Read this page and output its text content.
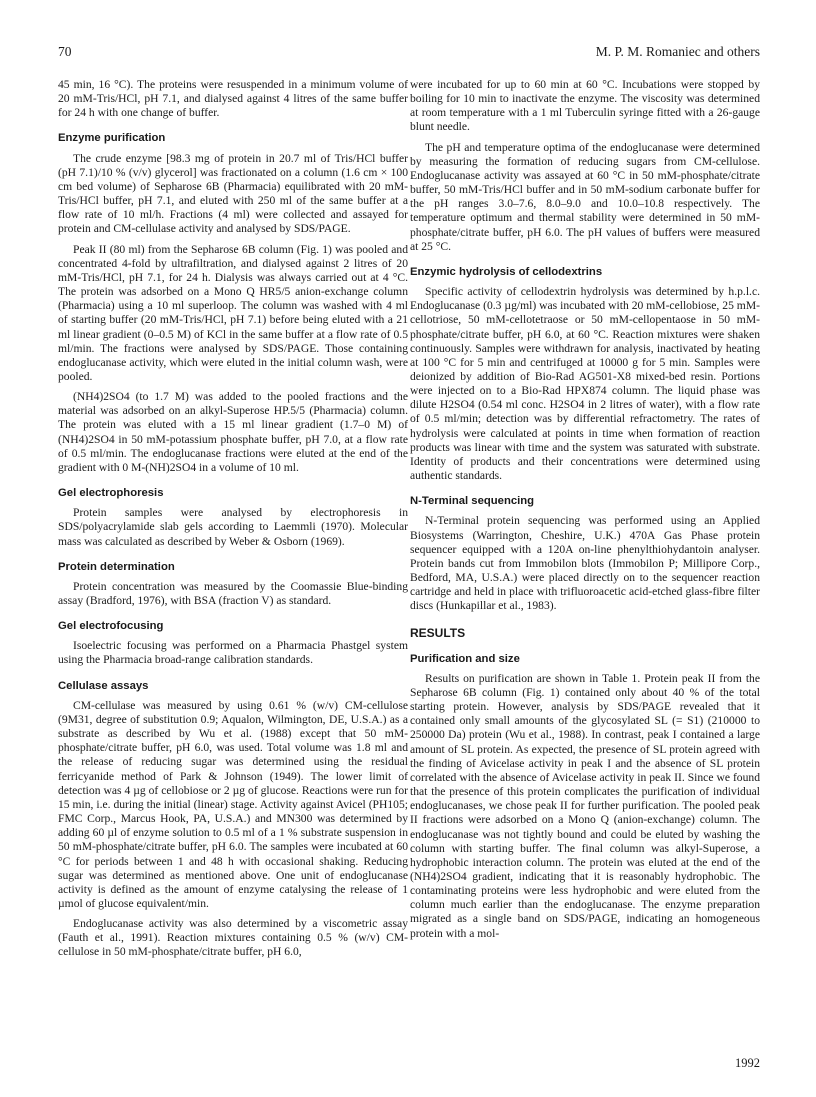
70	M. P. M. Romaniec and others

45 min, 16 °C). The proteins were resuspended in a minimum volume of 20 mM-Tris/HCl, pH 7.1, and dialysed against 4 litres of the same buffer for 24 h with one change of buffer.

Enzyme purification

The crude enzyme [98.3 mg of protein in 20.7 ml of Tris/HCl buffer (pH 7.1)/10 % (v/v) glycerol] was fractionated on a column (1.6 cm × 100 cm bed volume) of Sepharose 6B (Pharmacia) equilibrated with 20 mM-Tris/HCl buffer, pH 7.1, and eluted with 250 ml of the same buffer at a flow rate of 10 ml/h. Fractions (4 ml) were collected and assayed for protein and CM-cellulase activity and analysed by SDS/PAGE.

Peak II (80 ml) from the Sepharose 6B column (Fig. 1) was pooled and concentrated 4-fold by ultrafiltration, and dialysed against 2 litres of 20 mM-Tris/HCl, pH 7.1, for 24 h. Dialysis was always carried out at 4 °C. The protein was adsorbed on a Mono Q HR5/5 anion-exchange column (Pharmacia) using a 10 ml superloop. The column was washed with 4 ml of starting buffer (20 mM-Tris/HCl, pH 7.1) before being eluted with a 21 ml linear gradient (0–0.5 M) of KCl in the same buffer at a flow rate of 0.5 ml/min. The fractions were analysed by SDS/PAGE. Those containing endoglucanase activity, which were eluted in the initial column wash, were pooled.

(NH4)2SO4 (to 1.7 M) was added to the pooled fractions and the material was adsorbed on an alkyl-Superose HP.5/5 (Pharmacia) column. The protein was eluted with a 15 ml linear gradient (1.7–0 M) of (NH4)2SO4 in 50 mM-potassium phosphate buffer, pH 7.0, at a flow rate of 0.5 ml/min. The endoglucanase fractions were eluted at the end of the gradient with 0 M-(NH)2SO4 in a volume of 10 ml.

Gel electrophoresis

Protein samples were analysed by electrophoresis in SDS/polyacrylamide slab gels according to Laemmli (1970). Molecular mass was calculated as described by Weber & Osborn (1969).

Protein determination

Protein concentration was measured by the Coomassie Blue-binding assay (Bradford, 1976), with BSA (fraction V) as standard.

Gel electrofocusing

Isoelectric focusing was performed on a Pharmacia Phastgel system using the Pharmacia broad-range calibration standards.

Cellulase assays

CM-cellulase was measured by using 0.61 % (w/v) CM-cellulose (9M31, degree of substitution 0.9; Aqualon, Wilmington, DE, U.S.A.) as a substrate as described by Wu et al. (1988) except that 50 mM-phosphate/citrate buffer, pH 6.0, was used. Total volume was 1.8 ml and the release of reducing sugar was determined using the residual ferricyanide method of Park & Johnson (1949). The lower limit of detection was 4 µg of cellobiose or 2 µg of glucose. Reactions were run for 15 min, i.e. during the initial (linear) stage. Activity against Avicel (PH105; FMC Corp., Marcus Hook, PA, U.S.A.) and MN300 was determined by adding 60 µl of enzyme solution to 0.5 ml of a 1 % substrate suspension in 50 mM-phosphate/citrate buffer, pH 6.0. The samples were incubated at 60 °C for periods between 1 and 48 h with occasional shaking. Reducing sugar was determined as mentioned above. One unit of endoglucanase activity is defined as the amount of enzyme catalysing the release of 1 µmol of glucose equivalent/min.

Endoglucanase activity was also determined by a viscometric assay (Fauth et al., 1991). Reaction mixtures containing 0.5 % (w/v) CM-cellulose in 50 mM-phosphate/citrate buffer, pH 6.0,

were incubated for up to 60 min at 60 °C. Incubations were stopped by boiling for 10 min to inactivate the enzyme. The viscosity was determined at room temperature with a 1 ml Tuberculin syringe fitted with a 26-gauge blunt needle.

The pH and temperature optima of the endoglucanase were determined by measuring the formation of reducing sugars from CM-cellulose. Endoglucanase activity was assayed at 60 °C in 50 mM-phosphate/citrate buffer, 50 mM-Tris/HCl buffer and in 50 mM-sodium carbonate buffer for the pH ranges 3.0–7.6, 8.0–9.0 and 10.0–10.8 respectively. The temperature optimum and thermal stability were determined in 50 mM-phosphate/citrate buffer, pH 6.0. The pH values of buffers were measured at 25 °C.

Enzymic hydrolysis of cellodextrins

Specific activity of cellodextrin hydrolysis was determined by h.p.l.c. Endoglucanase (0.3 µg/ml) was incubated with 20 mM-cellobiose, 25 mM-cellotriose, 50 mM-cellotetraose or 50 mM-cellopentaose in 50 mM-phosphate/citrate buffer, pH 6.0, at 60 °C. Reaction mixtures were shaken continuously. Samples were withdrawn for analysis, inactivated by heating at 100 °C for 5 min and centrifuged at 10000 g for 5 min. Samples were deionized by addition of Bio-Rad AG501-X8 mixed-bed resin. Portions were injected on to a Bio-Rad HPX874 column. The liquid phase was dilute H2SO4 (0.54 ml conc. H2SO4 in 2 litres of water), with a flow rate of 0.5 ml/min; detection was by differential refractometry. The rates of hydrolysis were calculated at points in time when formation of reaction products was linear with time and the system was saturated with substrate. Identity of products and their concentrations were determined using authentic standards.

N-Terminal sequencing

N-Terminal protein sequencing was performed using an Applied Biosystems (Warrington, Cheshire, U.K.) 470A Gas Phase protein sequencer equipped with a 120A on-line phenylthiohydantoin analyser. Protein bands cut from Immobilon blots (Immobilon P; Millipore Corp., Bedford, MA, U.S.A.) were placed directly on to the sequencer reaction cartridge and held in place with trifluoroacetic acid-etched glass-fibre filter discs (Hunkapillar et al., 1983).

RESULTS
Purification and size

Results on purification are shown in Table 1. Protein peak II from the Sepharose 6B column (Fig. 1) contained only about 40 % of the total starting protein. However, analysis by SDS/PAGE revealed that it contained only small amounts of the glycosylated SL (= S1) (210000 to 250000 Da) protein (Wu et al., 1988). In contrast, peak I contained a large amount of SL protein. As expected, the presence of SL protein agreed with the finding of Avicelase activity in peak I and the absence of SL protein correlated with the absence of Avicelase activity in peak II. Since we found that the presence of this protein complicates the purification of individual endoglucanases, we chose peak II for further purification. The pooled peak II fractions were adsorbed on a Mono Q (anion-exchange) column. The endoglucanase was not tightly bound and could be eluted by washing the column with starting buffer. The final column was alkyl-Superose, a hydrophobic interaction column. The protein was eluted at the end of the (NH4)2SO4 gradient, indicating that it is reasonably hydrophobic. The contaminating proteins were less hydrophobic and were eluted from the column much earlier than the endoglucanase. The enzyme preparation migrated as a single band on SDS/PAGE, indicating an homogeneous protein with a mol-

1992
